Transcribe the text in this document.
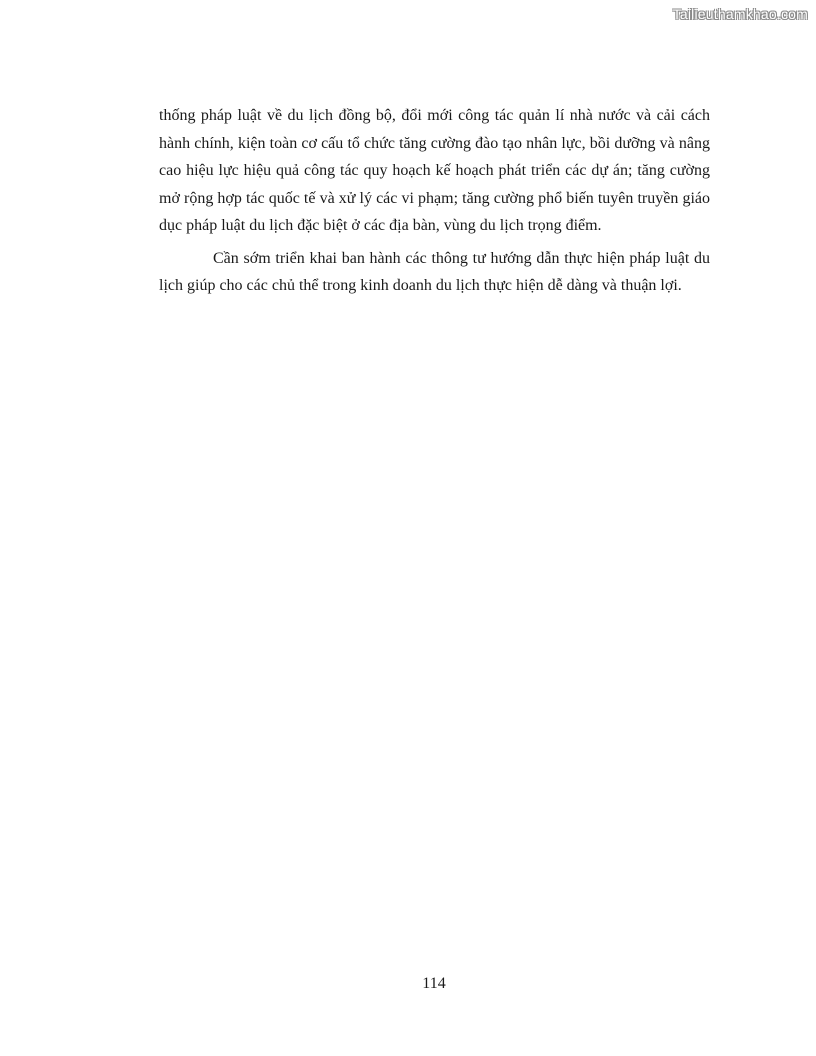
Tailieuthamkhao.com

thống pháp luật về du lịch đồng bộ, đổi mới công tác quản lí nhà nước và cải cách hành chính, kiện toàn cơ cấu tổ chức tăng cường đào tạo nhân lực, bồi dưỡng và nâng cao hiệu lực hiệu quả công tác quy hoạch kế hoạch phát triển các dự án; tăng cường mở rộng hợp tác quốc tế và xử lý các vi phạm; tăng cường phổ biến tuyên truyền giáo dục pháp luật du lịch đặc biệt ở các địa bàn, vùng du lịch trọng điểm.

Cần sớm triển khai ban hành các thông tư hướng dẫn thực hiện pháp luật du lịch giúp cho các chủ thể trong kinh doanh du lịch thực hiện dễ dàng và thuận lợi.

114
